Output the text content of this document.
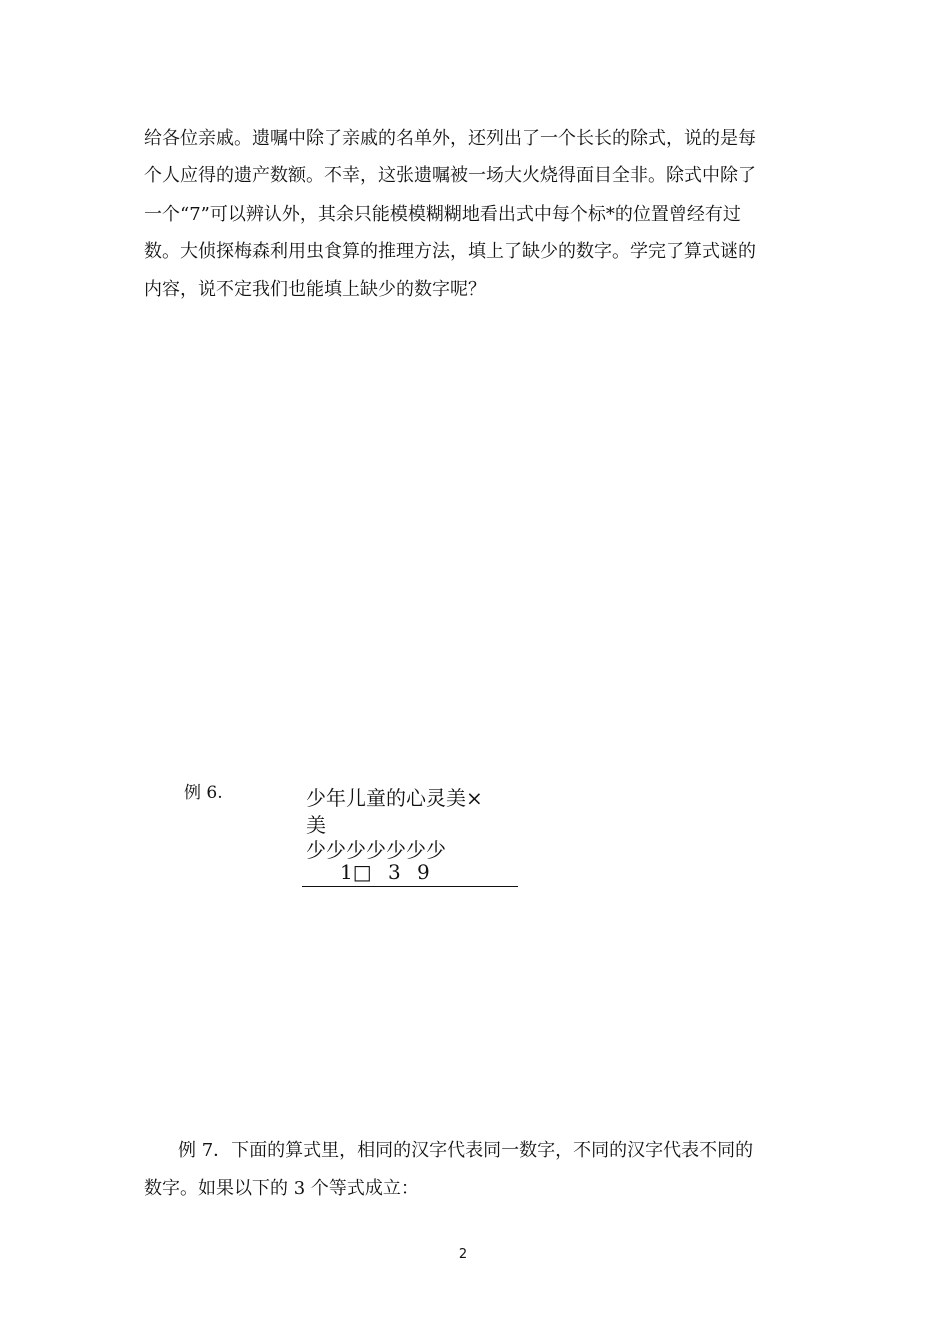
给各位亲戚。遗嘱中除了亲戚的名单外，还列出了一个长长的除式，说的是每
个人应得的遗产数额。不幸，这张遗嘱被一场大火烧得面目全非。除式中除了
一个“7”可以辨认外，其余只能模模糊糊地看出式中每个标*的位置曾经有过
数。大侦探梅森利用虫食算的推理方法，填上了缺少的数字。学完了算式谜的
内容，说不定我们也能填上缺少的数字呢？
例 6.	少年儿童的心灵美×
美
少少少少少少少
1□ 3 9
例 7．下面的算式里，相同的汉字代表同一数字，不同的汉字代表不同的
数字。如果以下的 3 个等式成立：
2
